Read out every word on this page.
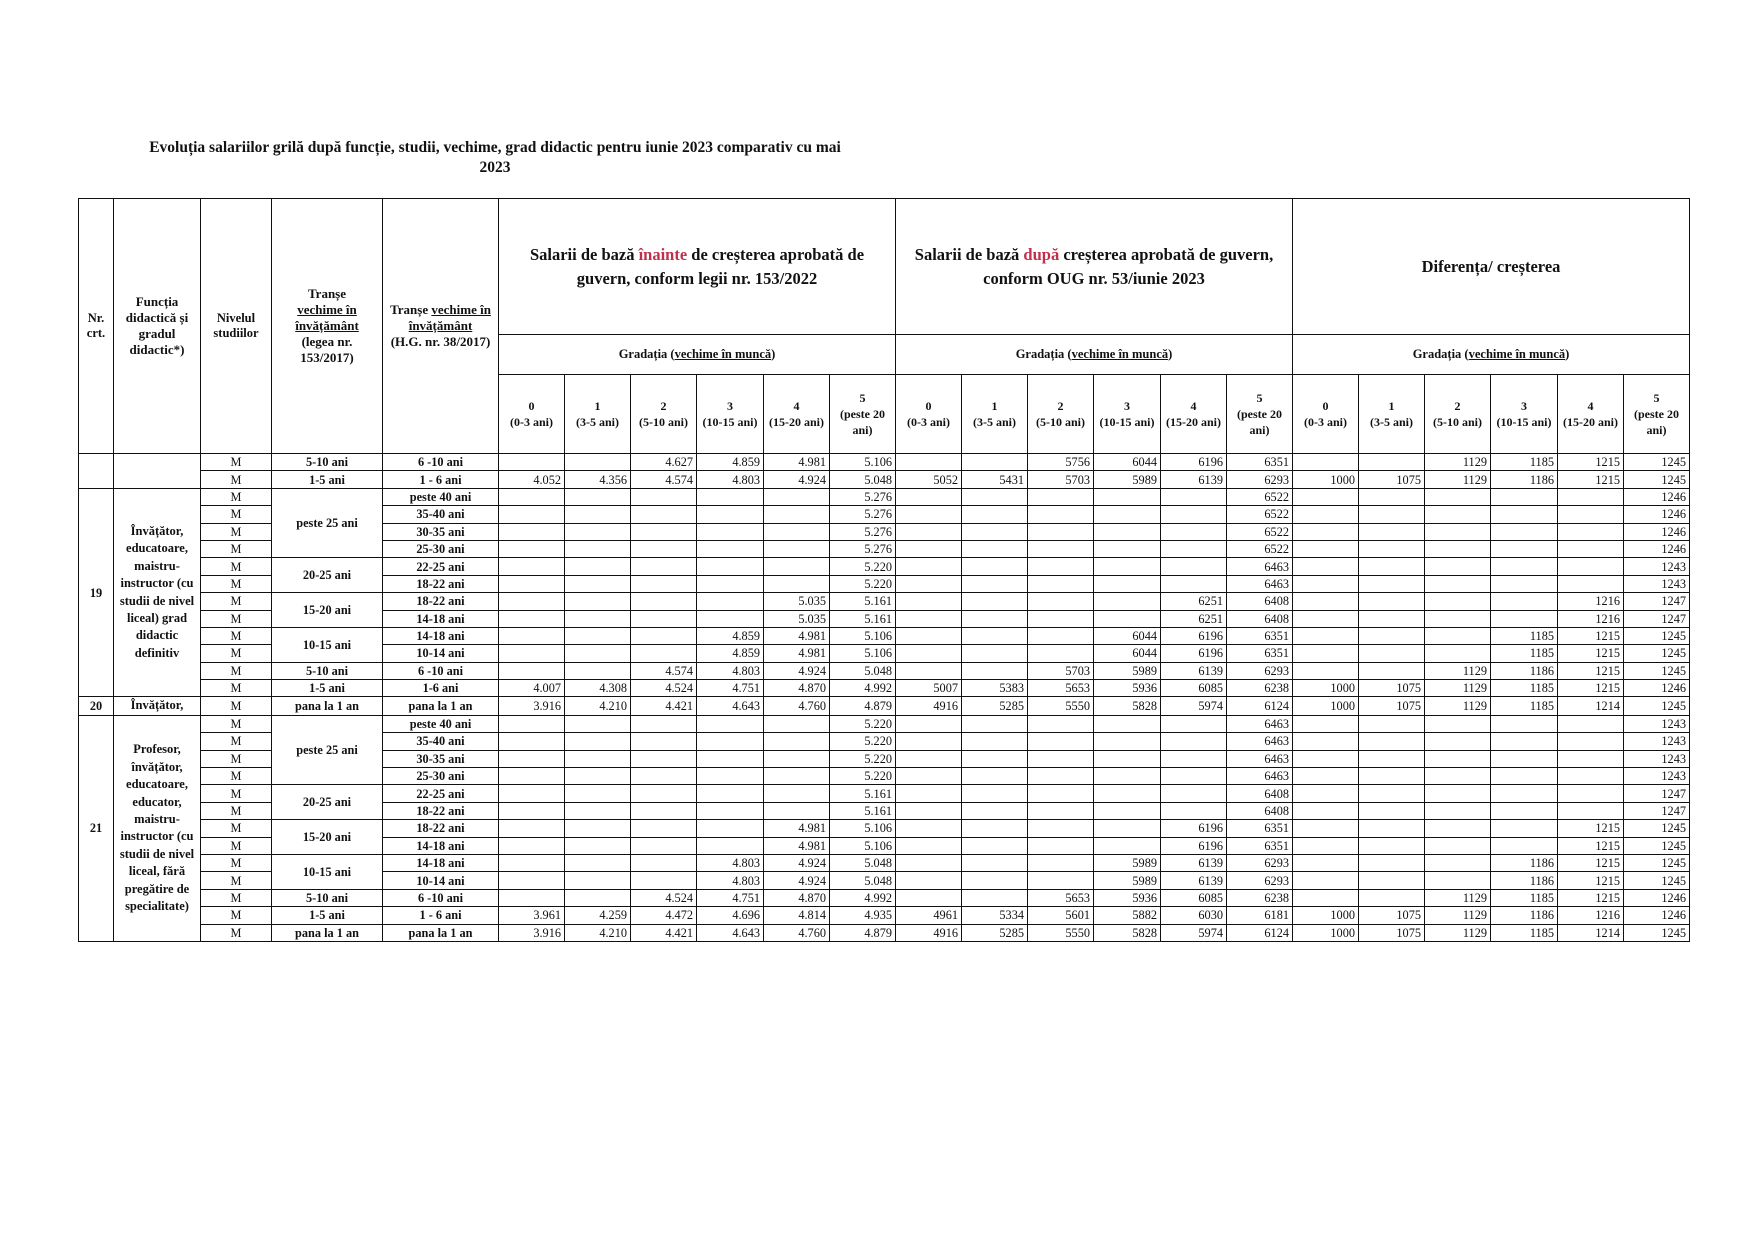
Evoluția salariilor grilă după funcție, studii, vechime, grad didactic pentru iunie 2023 comparativ cu mai
2023
Nr. crt.	Funcția didactică și gradul didactic*)	Nivelul studiilor	Tranșe
vechime în învățământ
(legea nr. 153/2017)	Tranșe vechime în învățământ
(H.G. nr. 38/2017)	Salarii de bază înainte de creșterea aprobată de guvern, conform legii nr. 153/2022						Salarii de bază după creșterea aprobată de guvern, conform OUG nr. 53/iunie 2023						Diferența/ creșterea					
					Gradația (vechime în muncă)						Gradația (vechime în muncă)						Gradația (vechime în muncă)					
					0
(0-3 ani)	1
(3-5 ani)	2
(5-10 ani)	3
(10-15 ani)	4
(15-20 ani)	5
(peste 20 ani)	0
(0-3 ani)	1
(3-5 ani)	2
(5-10 ani)	3
(10-15 ani)	4
(15-20 ani)	5
(peste 20 ani)	0
(0-3 ani)	1
(3-5 ani)	2
(5-10 ani)	3
(10-15 ani)	4
(15-20 ani)	5
(peste 20 ani)
		M	5-10 ani	6 -10 ani			4.627	4.859	4.981	5.106			5756	6044	6196	6351			1129	1185	1215	1245
		M	1-5 ani	1 - 6 ani	4.052	4.356	4.574	4.803	4.924	5.048	5052	5431	5703	5989	6139	6293	1000	1075	1129	1186	1215	1245
19	Învățător, educatoare, maistru-instructor (cu studii de nivel liceal) grad didactic definitiv	M	peste 25 ani	peste 40 ani						5.276						6522						1246
		M		35-40 ani						5.276						6522						1246
		M		30-35 ani						5.276						6522						1246
		M		25-30 ani						5.276						6522						1246
		M	20-25 ani	22-25 ani						5.220						6463						1243
		M		18-22 ani						5.220						6463						1243
		M	15-20 ani	18-22 ani					5.035	5.161					6251	6408					1216	1247
		M		14-18 ani					5.035	5.161					6251	6408					1216	1247
		M	10-15 ani	14-18 ani				4.859	4.981	5.106				6044	6196	6351				1185	1215	1245
		M		10-14 ani				4.859	4.981	5.106				6044	6196	6351				1185	1215	1245
		M	5-10 ani	6 -10 ani			4.574	4.803	4.924	5.048			5703	5989	6139	6293			1129	1186	1215	1245
		M	1-5 ani	1-6 ani	4.007	4.308	4.524	4.751	4.870	4.992	5007	5383	5653	5936	6085	6238	1000	1075	1129	1185	1215	1246
20	Învățător,	M	pana la 1 an	pana la 1 an	3.916	4.210	4.421	4.643	4.760	4.879	4916	5285	5550	5828	5974	6124	1000	1075	1129	1185	1214	1245
21	Profesor, învățător, educatoare, educator, maistru-instructor (cu studii de nivel liceal, fără pregătire de specialitate)	M	peste 25 ani	peste 40 ani						5.220						6463						1243
		M		35-40 ani						5.220						6463						1243
		M		30-35 ani						5.220						6463						1243
		M		25-30 ani						5.220						6463						1243
		M	20-25 ani	22-25 ani						5.161						6408						1247
		M		18-22 ani						5.161						6408						1247
		M	15-20 ani	18-22 ani					4.981	5.106					6196	6351					1215	1245
		M		14-18 ani					4.981	5.106					6196	6351					1215	1245
		M	10-15 ani	14-18 ani				4.803	4.924	5.048				5989	6139	6293				1186	1215	1245
		M		10-14 ani				4.803	4.924	5.048				5989	6139	6293				1186	1215	1245
		M	5-10 ani	6 -10 ani			4.524	4.751	4.870	4.992			5653	5936	6085	6238			1129	1185	1215	1246
		M	1-5 ani	1 - 6 ani	3.961	4.259	4.472	4.696	4.814	4.935	4961	5334	5601	5882	6030	6181	1000	1075	1129	1186	1216	1246
		M	pana la 1 an	pana la 1 an	3.916	4.210	4.421	4.643	4.760	4.879	4916	5285	5550	5828	5974	6124	1000	1075	1129	1185	1214	1245
